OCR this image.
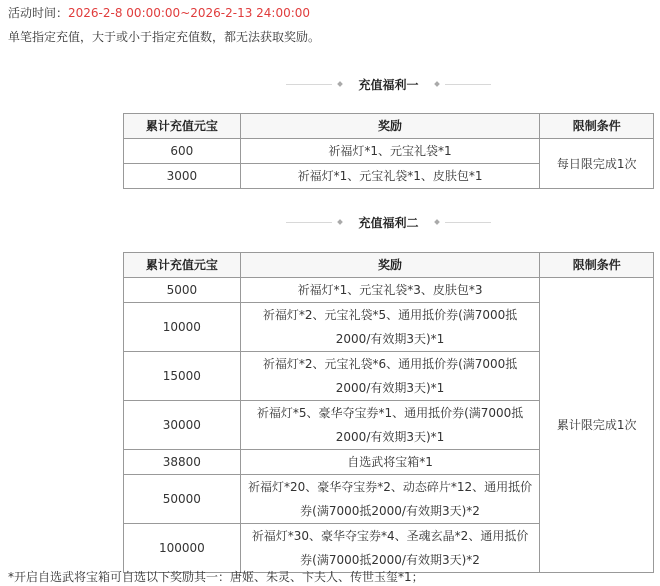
活动时间：2026-2-8 00:00:00~2026-2-13 24:00:00
单笔指定充值，大于或小于指定充值数，都无法获取奖励。
充值福利一
累计充值元宝	奖励	限制条件
600	祈福灯*1、元宝礼袋*1	每日限完成1次
3000	祈福灯*1、元宝礼袋*1、皮肤包*1	
充值福利二
累计充值元宝	奖励	限制条件
5000	祈福灯*1、元宝礼袋*3、皮肤包*3	累计限完成1次
10000	祈福灯*2、元宝礼袋*5、通用抵价券(满7000抵2000/有效期3天)*1	
15000	祈福灯*2、元宝礼袋*6、通用抵价券(满7000抵2000/有效期3天)*1	
30000	祈福灯*5、豪华夺宝券*1、通用抵价券(满7000抵2000/有效期3天)*1	
38800	自选武将宝箱*1	
50000	祈福灯*20、豪华夺宝券*2、动态碎片*12、通用抵价券(满7000抵2000/有效期3天)*2	
100000	祈福灯*30、豪华夺宝券*4、圣魂玄晶*2、通用抵价券(满7000抵2000/有效期3天)*2	
*开启自选武将宝箱可自选以下奖励其一：唐姬、朱灵、卞夫人、传世玉玺*1；
